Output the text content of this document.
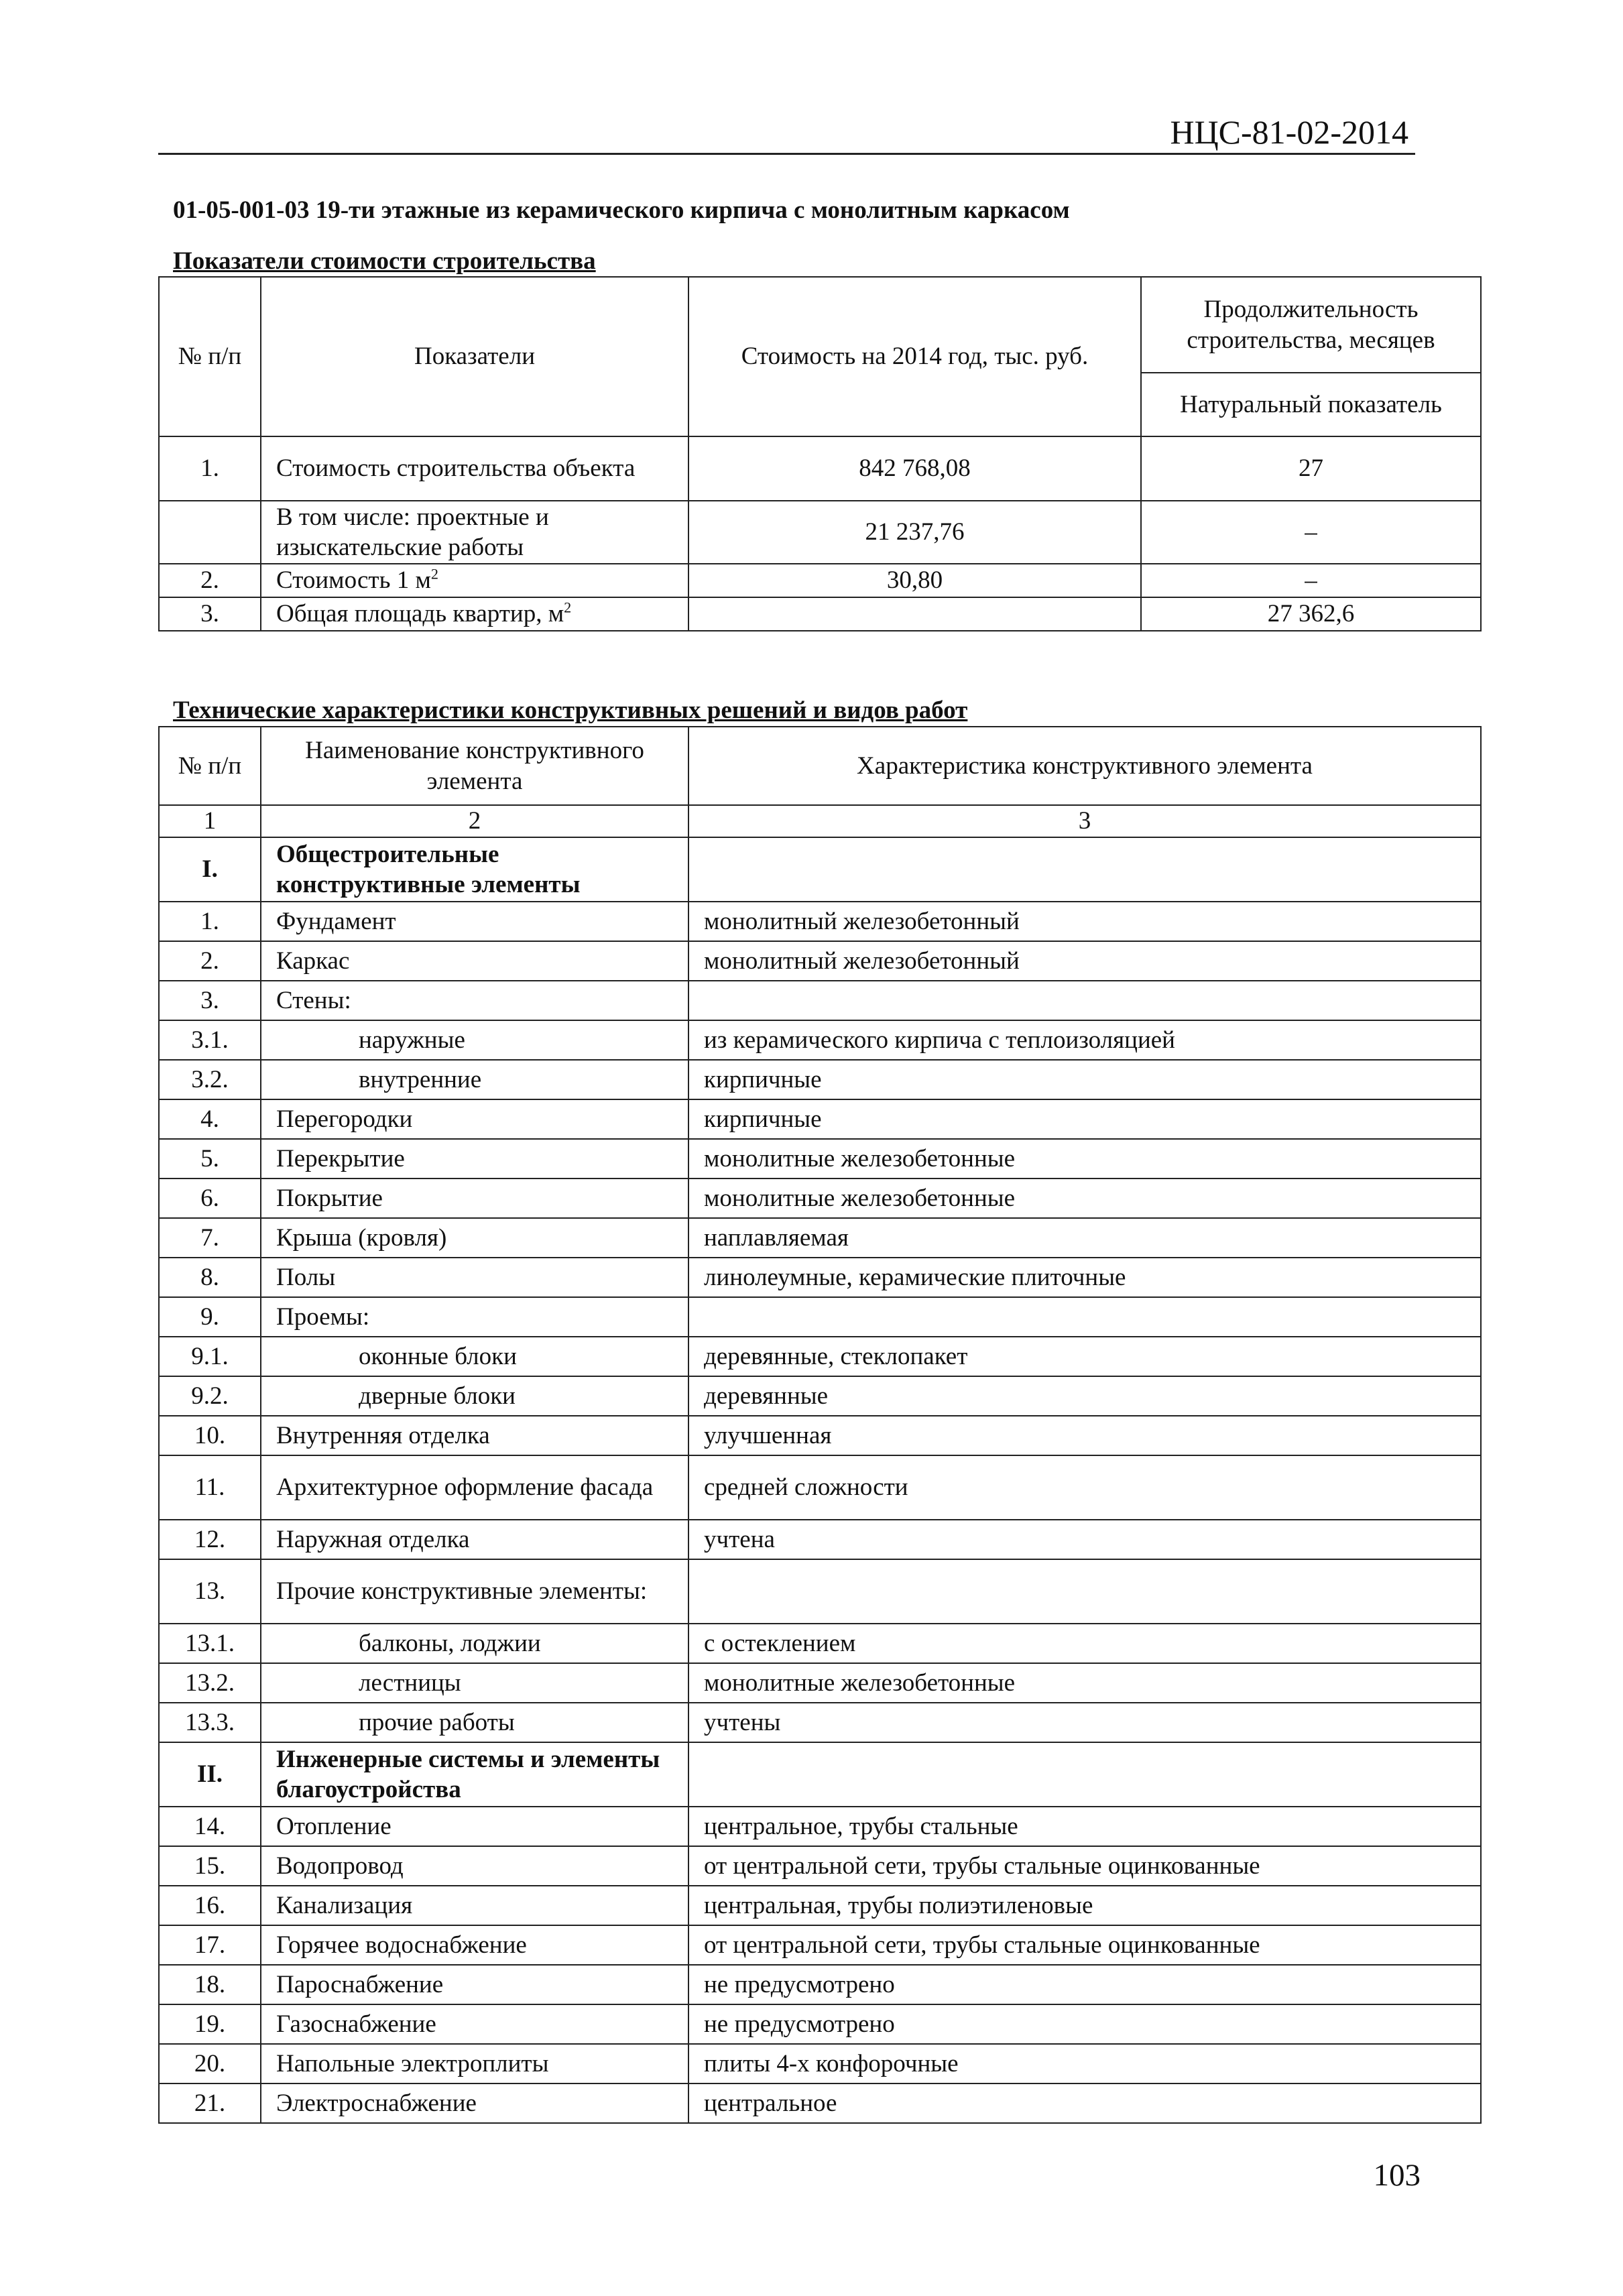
НЦС-81-02-2014
01-05-001-03 19-ти этажные из керамического кирпича с монолитным каркасом
Показатели стоимости строительства
№ п/п	Показатели	Стоимость на 2014 год, тыс. руб.	Продолжительность строительства, месяцев
			Натуральный показатель
1.	Стоимость строительства объекта	842 768,08	27
	В том числе: проектные и изыскательские работы	21 237,76	–
2.	Стоимость 1 $м^2$	30,80	–
3.	Общая площадь квартир, $м^2$		27 362,6
Технические характеристики конструктивных решений и видов работ
№ п/п	Наименование конструктивного элемента	Характеристика конструктивного элемента
1	2	3
I.	Общестроительные конструктивные элементы	
1.	Фундамент	монолитный железобетонный
2.	Каркас	монолитный железобетонный
3.	Стены:	
3.1.	наружные	из керамического кирпича с теплоизоляцией
3.2.	внутренние	кирпичные
4.	Перегородки	кирпичные
5.	Перекрытие	монолитные железобетонные
6.	Покрытие	монолитные железобетонные
7.	Крыша (кровля)	наплавляемая
8.	Полы	линолеумные, керамические плиточные
9.	Проемы:	
9.1.	оконные блоки	деревянные, стеклопакет
9.2.	дверные блоки	деревянные
10.	Внутренняя отделка	улучшенная
11.	Архитектурное оформление фасада	средней сложности
12.	Наружная отделка	учтена
13.	Прочие конструктивные элементы:	
13.1.	балконы, лоджии	с остеклением
13.2.	лестницы	монолитные железобетонные
13.3.	прочие работы	учтены
II.	Инженерные системы и элементы благоустройства	
14.	Отопление	центральное, трубы стальные
15.	Водопровод	от центральной сети, трубы стальные оцинкованные
16.	Канализация	центральная, трубы полиэтиленовые
17.	Горячее водоснабжение	от центральной сети, трубы стальные оцинкованные
18.	Пароснабжение	не предусмотрено
19.	Газоснабжение	не предусмотрено
20.	Напольные электроплиты	плиты 4-х конфорочные
21.	Электроснабжение	центральное
103
